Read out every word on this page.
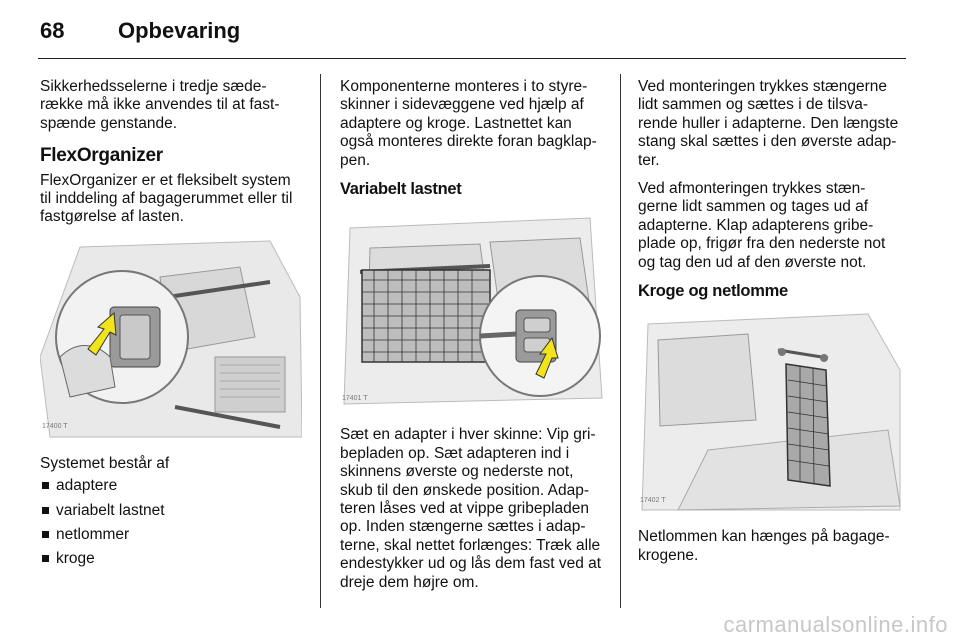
68 Opbevaring

Sikkerhedsselerne i tredje sæde-række må ikke anvendes til at fast-spænde genstande.

FlexOrganizer

FlexOrganizer er et fleksibelt system til inddeling af bagagerummet eller til fastgørelse af lasten.

17400 T

Systemet består af

adaptere
variabelt lastnet
netlommer
kroge

Komponenterne monteres i to styre-skinner i sidevæggene ved hjælp af adaptere og kroge. Lastnettet kan også monteres direkte foran bagklap-pen.

Variabelt lastnet
17401 T

Sæt en adapter i hver skinne: Vip gri-bepladen op. Sæt adapteren ind i skinnens øverste og nederste not, skub til den ønskede position. Adap-teren låses ved at vippe gribepladen op. Inden stængerne sættes i adap-terne, skal nettet forlænges: Træk alle endestykker ud og lås dem fast ved at dreje dem højre om.

Ved monteringen trykkes stængerne lidt sammen og sættes i de tilsva-rende huller i adapterne. Den længste stang skal sættes i den øverste adap-ter.

Ved afmonteringen trykkes stæn-gerne lidt sammen og tages ud af adapterne. Klap adapterens gribe-plade op, frigør fra den nederste not og tag den ud af den øverste not.

Kroge og netlomme
17402 T

Netlommen kan hænges på bagage-krogene.

carmanualsonline.info
